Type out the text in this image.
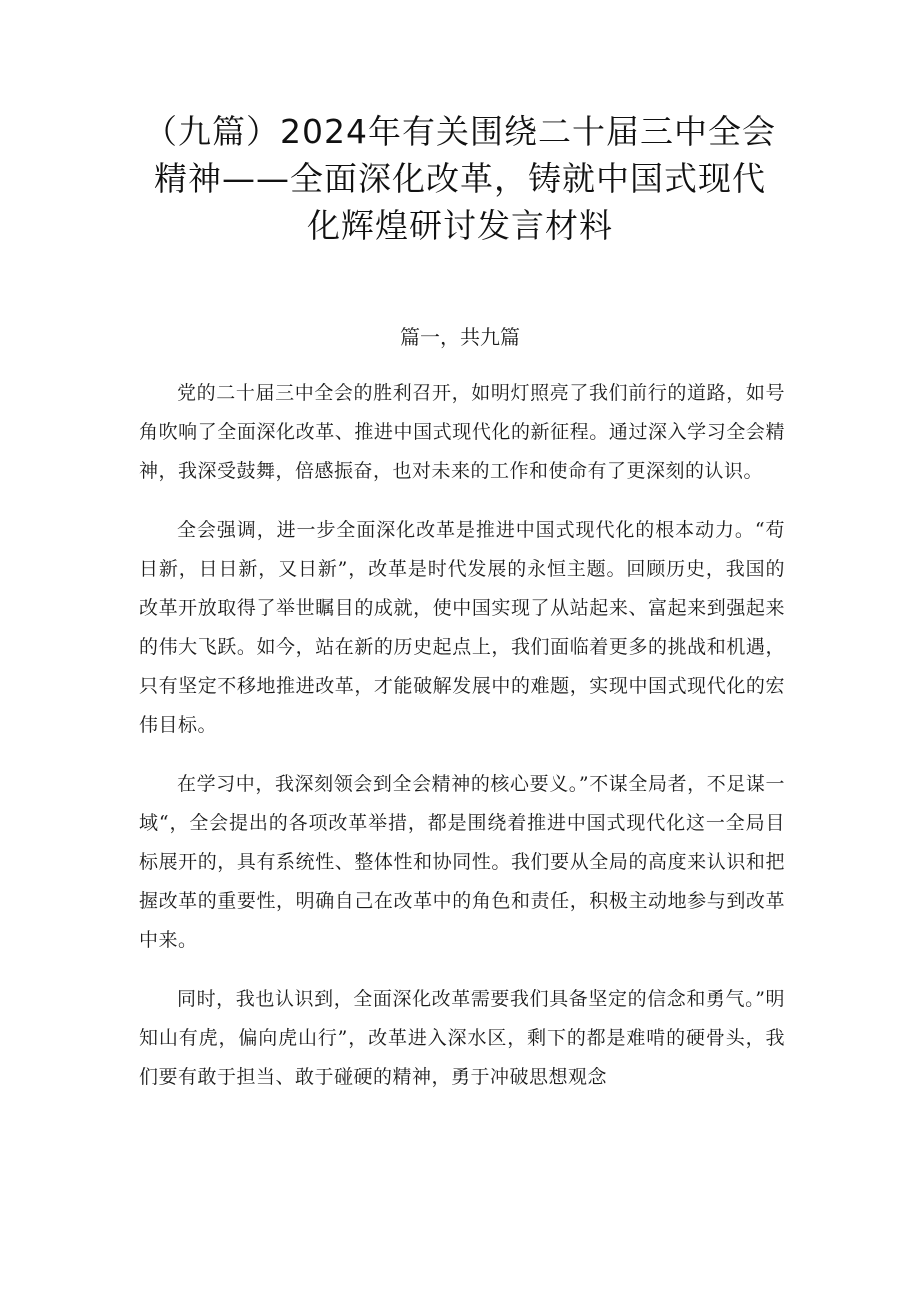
（九篇）2024年有关围绕二十届三中全会
精神——全面深化改革，铸就中国式现代
化辉煌研讨发言材料
篇一，共九篇

党的二十届三中全会的胜利召开，如明灯照亮了我们前行的道路，如号角吹响了全面深化改革、推进中国式现代化的新征程。通过深入学习全会精神，我深受鼓舞，倍感振奋，也对未来的工作和使命有了更深刻的认识。

全会强调，进一步全面深化改革是推进中国式现代化的根本动力。“苟日新，日日新，又日新”，改革是时代发展的永恒主题。回顾历史，我国的改革开放取得了举世瞩目的成就，使中国实现了从站起来、富起来到强起来的伟大飞跃。如今，站在新的历史起点上，我们面临着更多的挑战和机遇，只有坚定不移地推进改革，才能破解发展中的难题，实现中国式现代化的宏伟目标。

在学习中，我深刻领会到全会精神的核心要义。”不谋全局者，不足谋一域“，全会提出的各项改革举措，都是围绕着推进中国式现代化这一全局目标展开的，具有系统性、整体性和协同性。我们要从全局的高度来认识和把握改革的重要性，明确自己在改革中的角色和责任，积极主动地参与到改革中来。

同时，我也认识到，全面深化改革需要我们具备坚定的信念和勇气。”明知山有虎，偏向虎山行”，改革进入深水区，剩下的都是难啃的硬骨头，我们要有敢于担当、敢于碰硬的精神，勇于冲破思想观念
